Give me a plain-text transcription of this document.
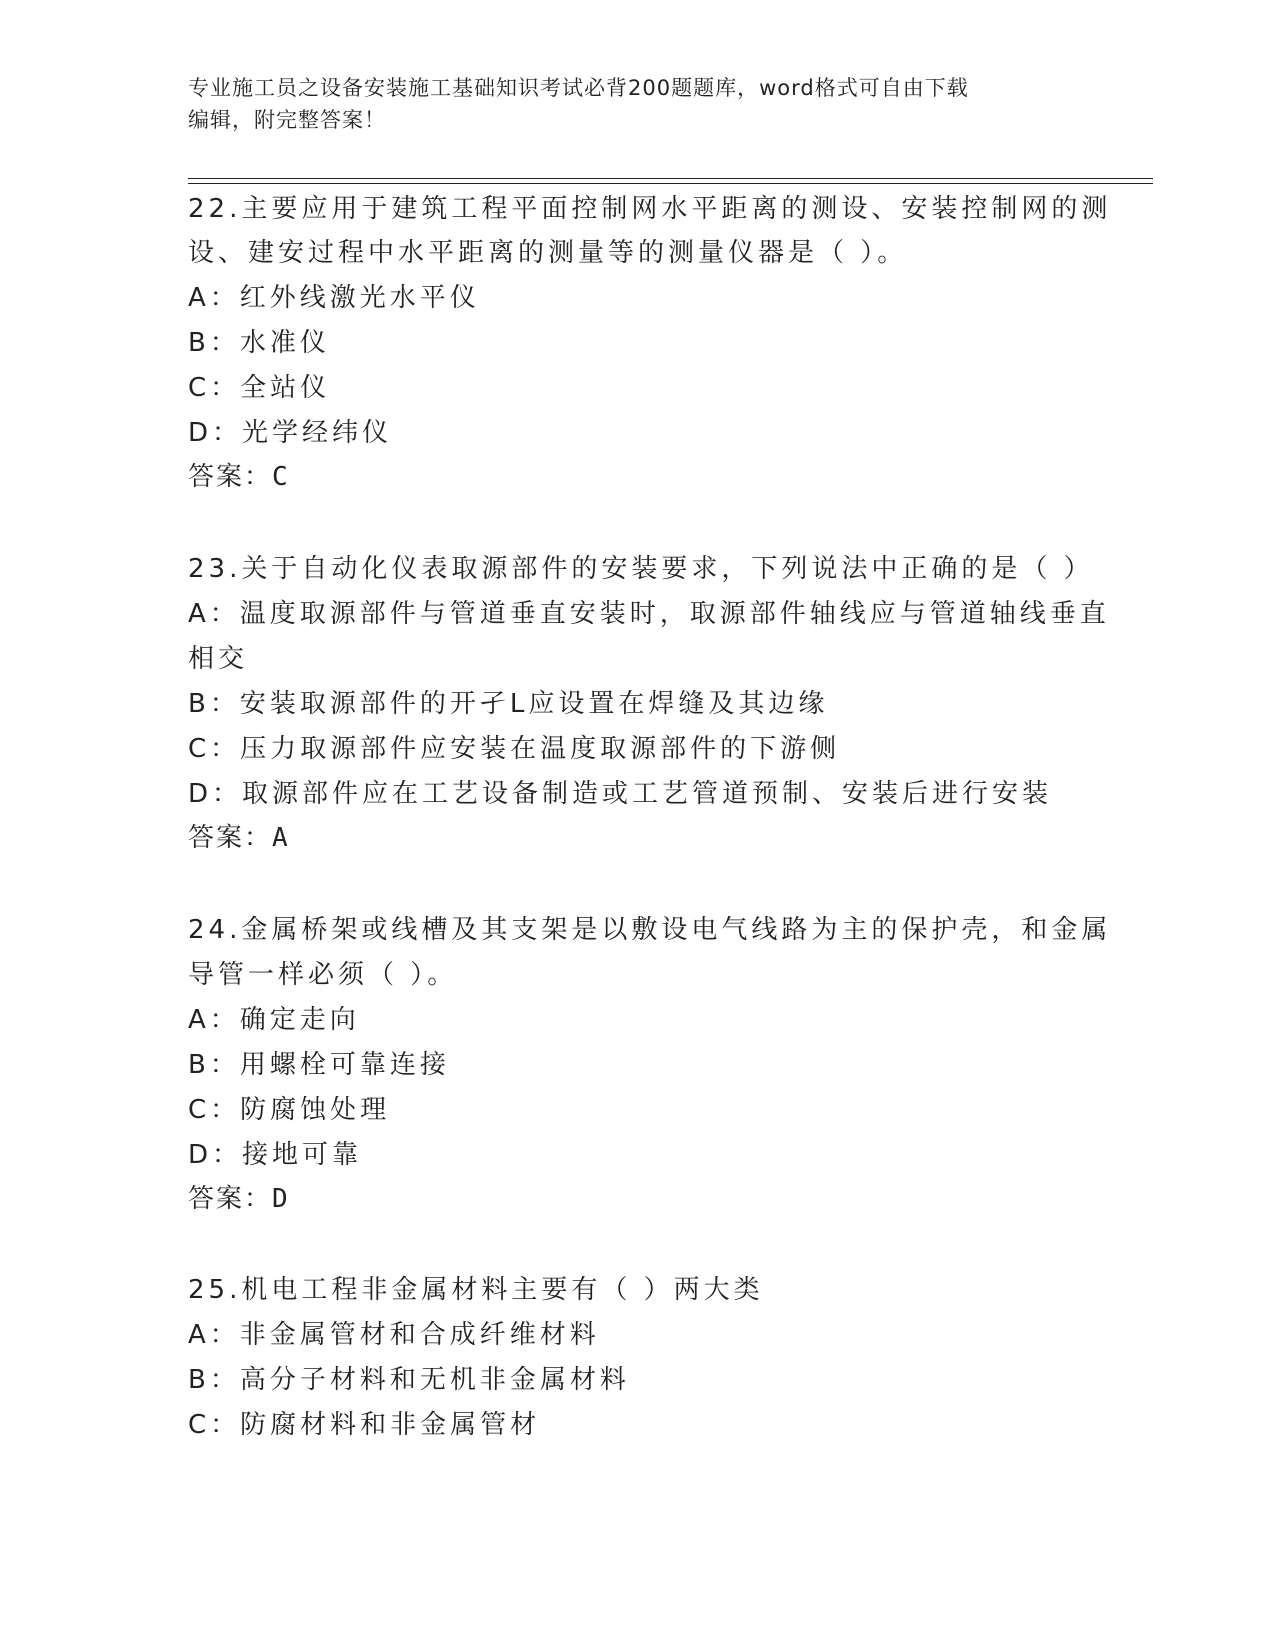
专业施工员之设备安装施工基础知识考试必背200题题库，word格式可自由下载
编辑，附完整答案！
22.主要应用于建筑工程平面控制网水平距离的测设、安装控制网的测
设、建安过程中水平距离的测量等的测量仪器是（ ）。
A：红外线激光水平仪
B：水准仪
C：全站仪
D：光学经纬仪
答案：C
23.关于自动化仪表取源部件的安装要求，下列说法中正确的是（ ）
A：温度取源部件与管道垂直安装时，取源部件轴线应与管道轴线垂直
相交
B：安装取源部件的开孑L应设置在焊缝及其边缘
C：压力取源部件应安装在温度取源部件的下游侧
D：取源部件应在工艺设备制造或工艺管道预制、安装后进行安装
答案：A
24.金属桥架或线槽及其支架是以敷设电气线路为主的保护壳，和金属
导管一样必须（ ）。
A：确定走向
B：用螺栓可靠连接
C：防腐蚀处理
D：接地可靠
答案：D
25.机电工程非金属材料主要有（ ）两大类
A：非金属管材和合成纤维材料
B：高分子材料和无机非金属材料
C：防腐材料和非金属管材
